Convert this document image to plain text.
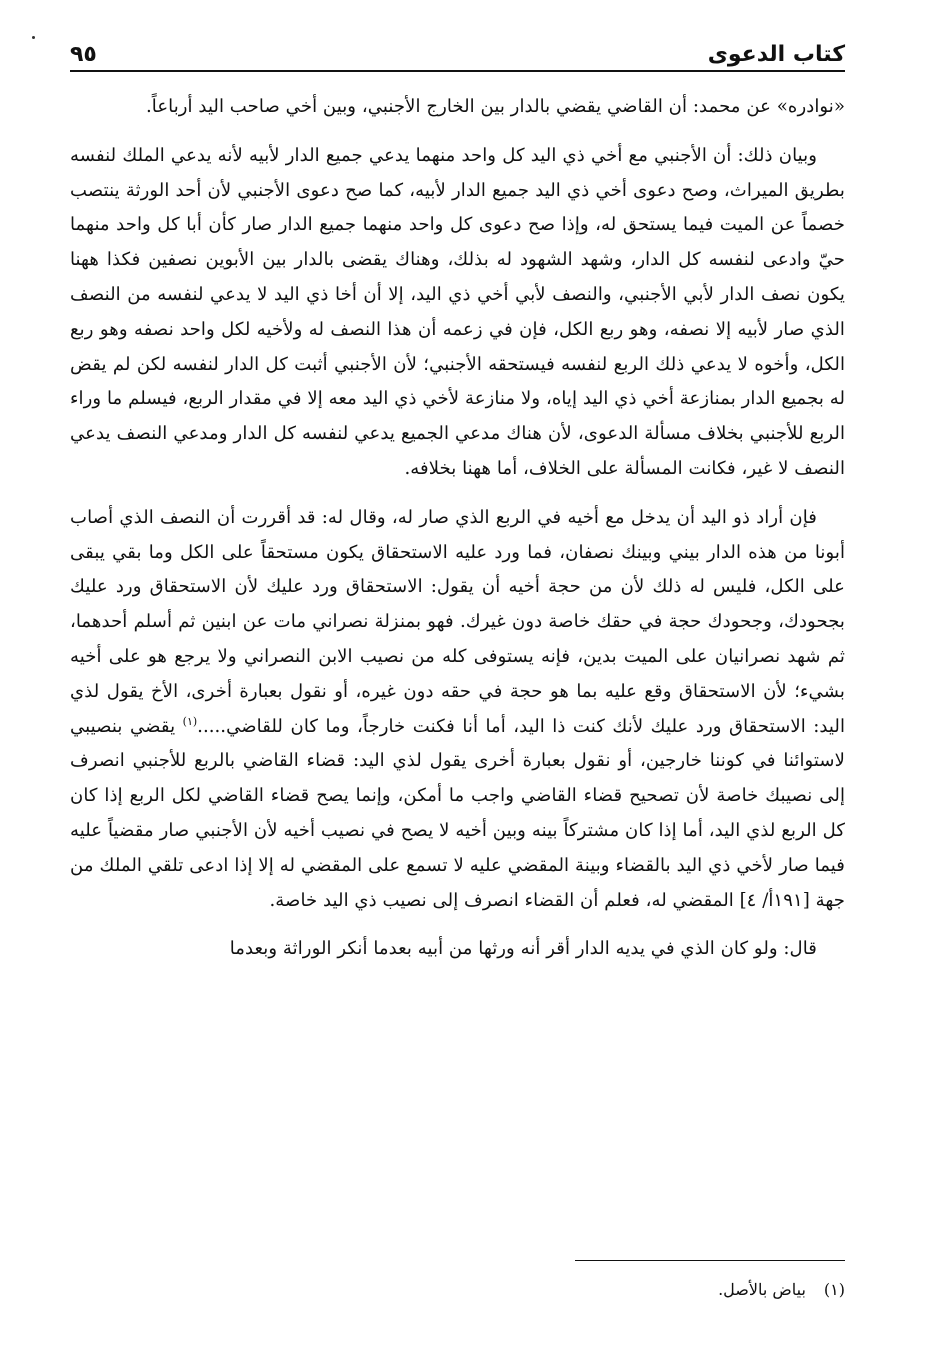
كتاب الدعوى
٩٥

«نوادره» عن محمد: أن القاضي يقضي بالدار بين الخارج الأجنبي، وبين أخي صاحب اليد أرباعاً.

وبيان ذلك: أن الأجنبي مع أخي ذي اليد كل واحد منهما يدعي جميع الدار لأبيه لأنه يدعي الملك لنفسه بطريق الميراث، وصح دعوى أخي ذي اليد جميع الدار لأبيه، كما صح دعوى الأجنبي لأن أحد الورثة ينتصب خصماً عن الميت فيما يستحق له، وإذا صح دعوى كل واحد منهما جميع الدار صار كأن أبا كل واحد منهما حيّ وادعى لنفسه كل الدار، وشهد الشهود له بذلك، وهناك يقضى بالدار بين الأبوين نصفين فكذا ههنا يكون نصف الدار لأبي الأجنبي، والنصف لأبي أخي ذي اليد، إلا أن أخا ذي اليد لا يدعي لنفسه من النصف الذي صار لأبيه إلا نصفه، وهو ربع الكل، فإن في زعمه أن هذا النصف له ولأخيه لكل واحد نصفه وهو ربع الكل، وأخوه لا يدعي ذلك الربع لنفسه فيستحقه الأجنبي؛ لأن الأجنبي أثبت كل الدار لنفسه لكن لم يقض له بجميع الدار بمنازعة أخي ذي اليد إياه، ولا منازعة لأخي ذي اليد معه إلا في مقدار الربع، فيسلم ما وراء الربع للأجنبي بخلاف مسألة الدعوى، لأن هناك مدعي الجميع يدعي لنفسه كل الدار ومدعي النصف يدعي النصف لا غير، فكانت المسألة على الخلاف، أما ههنا بخلافه.

فإن أراد ذو اليد أن يدخل مع أخيه في الربع الذي صار له، وقال له: قد أقررت أن النصف الذي أصاب أبونا من هذه الدار بيني وبينك نصفان، فما ورد عليه الاستحقاق يكون مستحقاً على الكل وما بقي يبقى على الكل، فليس له ذلك لأن من حجة أخيه أن يقول: الاستحقاق ورد عليك لأن الاستحقاق ورد عليك بجحودك، وجحودك حجة في حقك خاصة دون غيرك. فهو بمنزلة نصراني مات عن ابنين ثم أسلم أحدهما، ثم شهد نصرانيان على الميت بدين، فإنه يستوفى كله من نصيب الابن النصراني ولا يرجع هو على أخيه بشيء؛ لأن الاستحقاق وقع عليه بما هو حجة في حقه دون غيره، أو نقول بعبارة أخرى، الأخ يقول لذي اليد: الاستحقاق ورد عليك لأنك كنت ذا اليد، أما أنا فكنت خارجاً، وما كان للقاضي.....$^{(١)}$ يقضي بنصيبي لاستوائنا في كوننا خارجين، أو نقول بعبارة أخرى يقول لذي اليد: قضاء القاضي بالربع للأجنبي انصرف إلى نصيبك خاصة لأن تصحيح قضاء القاضي واجب ما أمكن، وإنما يصح قضاء القاضي لكل الربع إذا كان كل الربع لذي اليد، أما إذا كان مشتركاً بينه وبين أخيه لا يصح في نصيب أخيه لأن الأجنبي صار مقضياً عليه فيما صار لأخي ذي اليد بالقضاء وبينة المقضي عليه لا تسمع على المقضي له إلا إذا ادعى تلقي الملك من جهة [١٩١أ/ ٤] المقضي له، فعلم أن القضاء انصرف إلى نصيب ذي اليد خاصة.

قال: ولو كان الذي في يديه الدار أقر أنه ورثها من أبيه بعدما أنكر الوراثة وبعدما

(١)بياض بالأصل.
